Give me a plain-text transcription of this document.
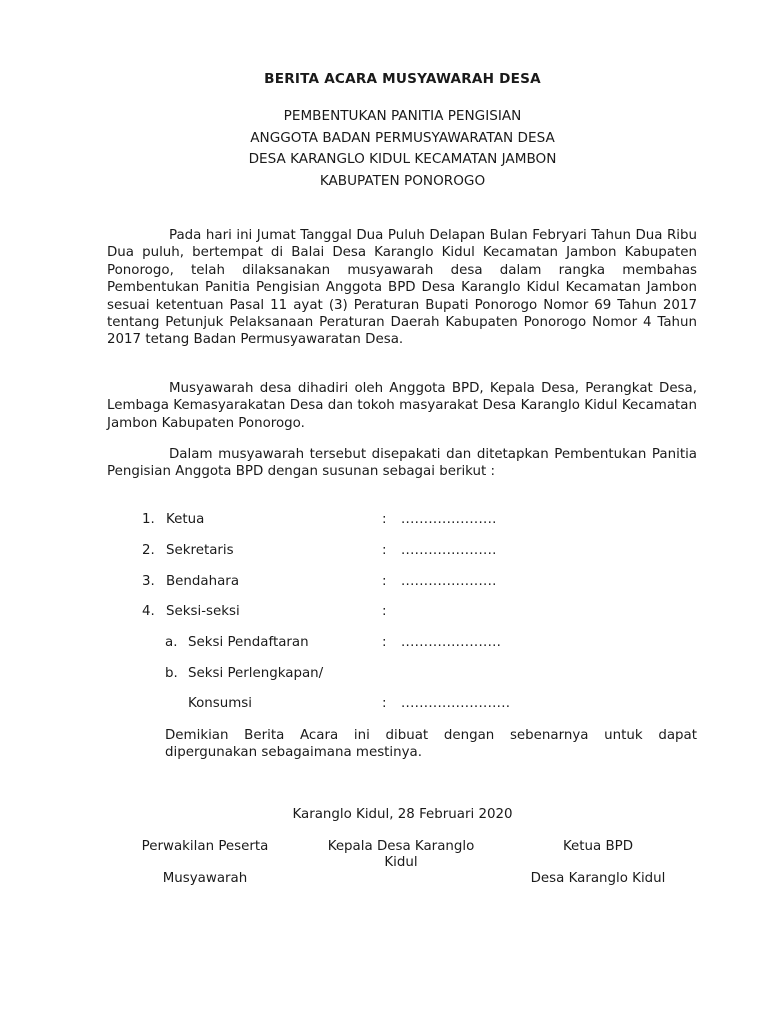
BERITA ACARA MUSYAWARAH DESA
PEMBENTUKAN PANITIA PENGISIAN
ANGGOTA BADAN PERMUSYAWARATAN DESA
DESA KARANGLO KIDUL KECAMATAN JAMBON
KABUPATEN PONOROGO
Pada hari ini Jumat Tanggal Dua Puluh Delapan Bulan Febryari Tahun Dua Ribu Dua puluh, bertempat di Balai Desa Karanglo Kidul Kecamatan Jambon Kabupaten Ponorogo, telah dilaksanakan musyawarah desa dalam rangka membahas Pembentukan Panitia Pengisian Anggota BPD Desa Karanglo Kidul Kecamatan Jambon sesuai ketentuan Pasal 11 ayat (3) Peraturan Bupati Ponorogo Nomor 69 Tahun 2017 tentang Petunjuk Pelaksanaan Peraturan Daerah Kabupaten Ponorogo Nomor 4 Tahun 2017 tetang Badan Permusyawaratan Desa.
Musyawarah desa dihadiri oleh Anggota BPD, Kepala Desa, Perangkat Desa, Lembaga Kemasyarakatan Desa dan tokoh masyarakat Desa Karanglo Kidul Kecamatan Jambon Kabupaten Ponorogo.
Dalam musyawarah tersebut disepakati dan ditetapkan Pembentukan Panitia Pengisian Anggota BPD dengan susunan sebagai berikut :
1. Ketua	: .....................
2. Sekretaris	: .....................
3. Bendahara	: .....................
4. Seksi-seksi	:
a. Seksi Pendaftaran	: ......................
b. Seksi Perlengkapan/
Konsumsi	: ........................
Demikian Berita Acara ini dibuat dengan sebenarnya untuk dapat dipergunakan sebagaimana mestinya.
Karanglo Kidul, 28 Februari 2020
Perwakilan Peserta
Musyawarah
Kepala Desa Karanglo
Kidul
Ketua BPD
Desa Karanglo Kidul
